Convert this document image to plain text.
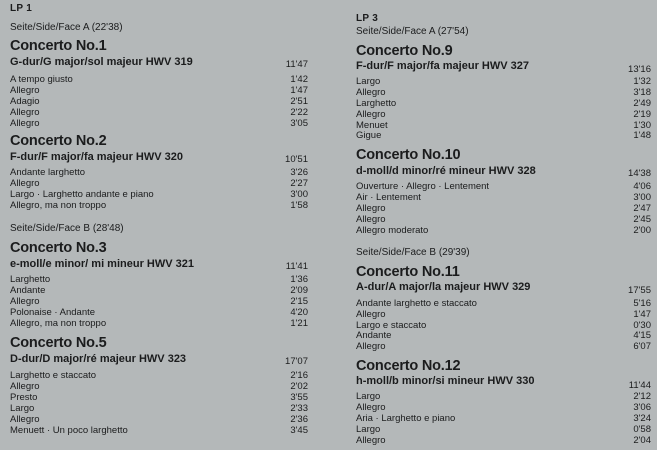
LP 1
Seite/Side/Face A (22'38)
Concerto No.1
G-dur/G major/sol majeur HWV 319	11'47
A tempo giusto	1'42
Allegro	1'47
Adagio	2'51
Allegro	2'22
Allegro	3'05
Concerto No.2
F-dur/F major/fa majeur HWV 320	10'51
Andante larghetto	3'26
Allegro	2'27
Largo · Larghetto andante e piano	3'00
Allegro, ma non troppo	1'58
Seite/Side/Face B (28'48)
Concerto No.3
e-moll/e minor/ mi mineur HWV 321	11'41
Larghetto	1'36
Andante	2'09
Allegro	2'15
Polonaise · Andante	4'20
Allegro, ma non troppo	1'21
Concerto No.5
D-dur/D major/ré majeur HWV 323	17'07
Larghetto e staccato	2'16
Allegro	2'02
Presto	3'55
Largo	2'33
Allegro	2'36
Menuett · Un poco larghetto	3'45
LP 3
Seite/Side/Face A (27'54)
Concerto No.9
F-dur/F major/fa majeur HWV 327	13'16
Largo	1'32
Allegro	3'18
Larghetto	2'49
Allegro	2'19
Menuet	1'30
Gigue	1'48
Concerto No.10
d-moll/d minor/ré mineur HWV 328	14'38
Ouverture · Allegro · Lentement	4'06
Air · Lentement	3'00
Allegro	2'47
Allegro	2'45
Allegro moderato	2'00
Seite/Side/Face B (29'39)
Concerto No.11
A-dur/A major/la majeur HWV 329	17'55
Andante larghetto e staccato	5'16
Allegro	1'47
Largo e staccato	0'30
Andante	4'15
Allegro	6'07
Concerto No.12
h-moll/b minor/si mineur HWV 330	11'44
Largo	2'12
Allegro	3'06
Aria · Larghetto e piano	3'24
Largo	0'58
Allegro	2'04
